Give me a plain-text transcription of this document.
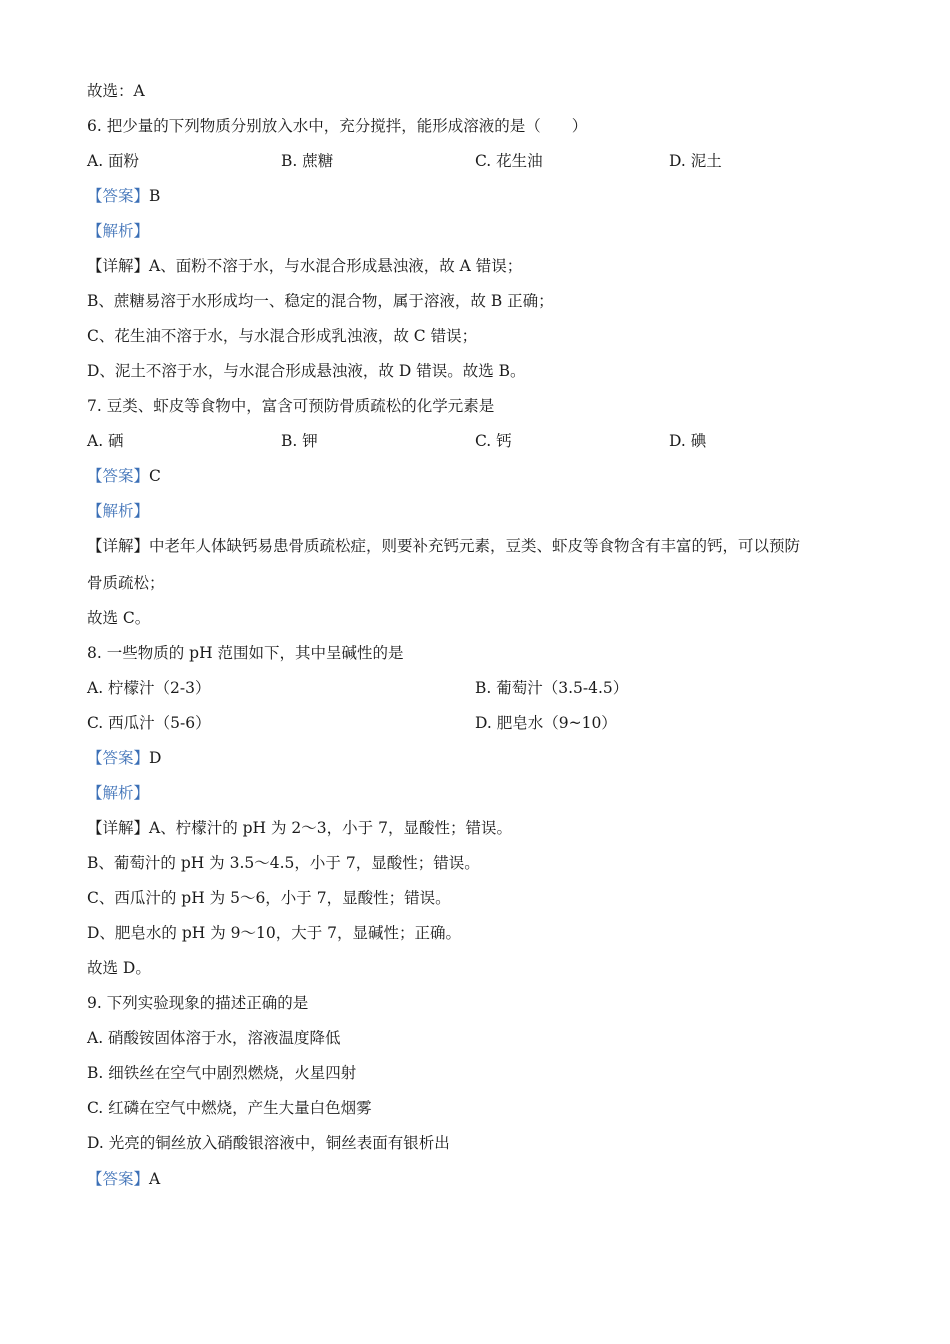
故选：A
6. 把少量的下列物质分别放入水中，充分搅拌，能形成溶液的是（　　）
A. 面粉	B. 蔗糖	C. 花生油	D. 泥土
【答案】B
【解析】
【详解】A、面粉不溶于水，与水混合形成悬浊液，故 A 错误；
B、蔗糖易溶于水形成均一、稳定的混合物，属于溶液，故 B 正确；
C、花生油不溶于水，与水混合形成乳浊液，故 C 错误；
D、泥土不溶于水，与水混合形成悬浊液，故 D 错误。故选 B。
7. 豆类、虾皮等食物中，富含可预防骨质疏松的化学元素是
A. 硒	B. 钾	C. 钙	D. 碘
【答案】C
【解析】
【详解】中老年人体缺钙易患骨质疏松症，则要补充钙元素，豆类、虾皮等食物含有丰富的钙，可以预防
骨质疏松；
故选 C。
8. 一些物质的 pH 范围如下，其中呈碱性的是
A. 柠檬汁（2-3）	B. 葡萄汁（3.5-4.5）
C. 西瓜汁（5-6）	D. 肥皂水（9~10）
【答案】D
【解析】
【详解】A、柠檬汁的 pH 为 2～3，小于 7，显酸性；错误。
B、葡萄汁的 pH 为 3.5～4.5，小于 7，显酸性；错误。
C、西瓜汁的 pH 为 5～6，小于 7，显酸性；错误。
D、肥皂水的 pH 为 9～10，大于 7，显碱性；正确。
故选 D。
9. 下列实验现象的描述正确的是
A. 硝酸铵固体溶于水，溶液温度降低
B. 细铁丝在空气中剧烈燃烧，火星四射
C. 红磷在空气中燃烧，产生大量白色烟雾
D. 光亮的铜丝放入硝酸银溶液中，铜丝表面有银析出
【答案】A
